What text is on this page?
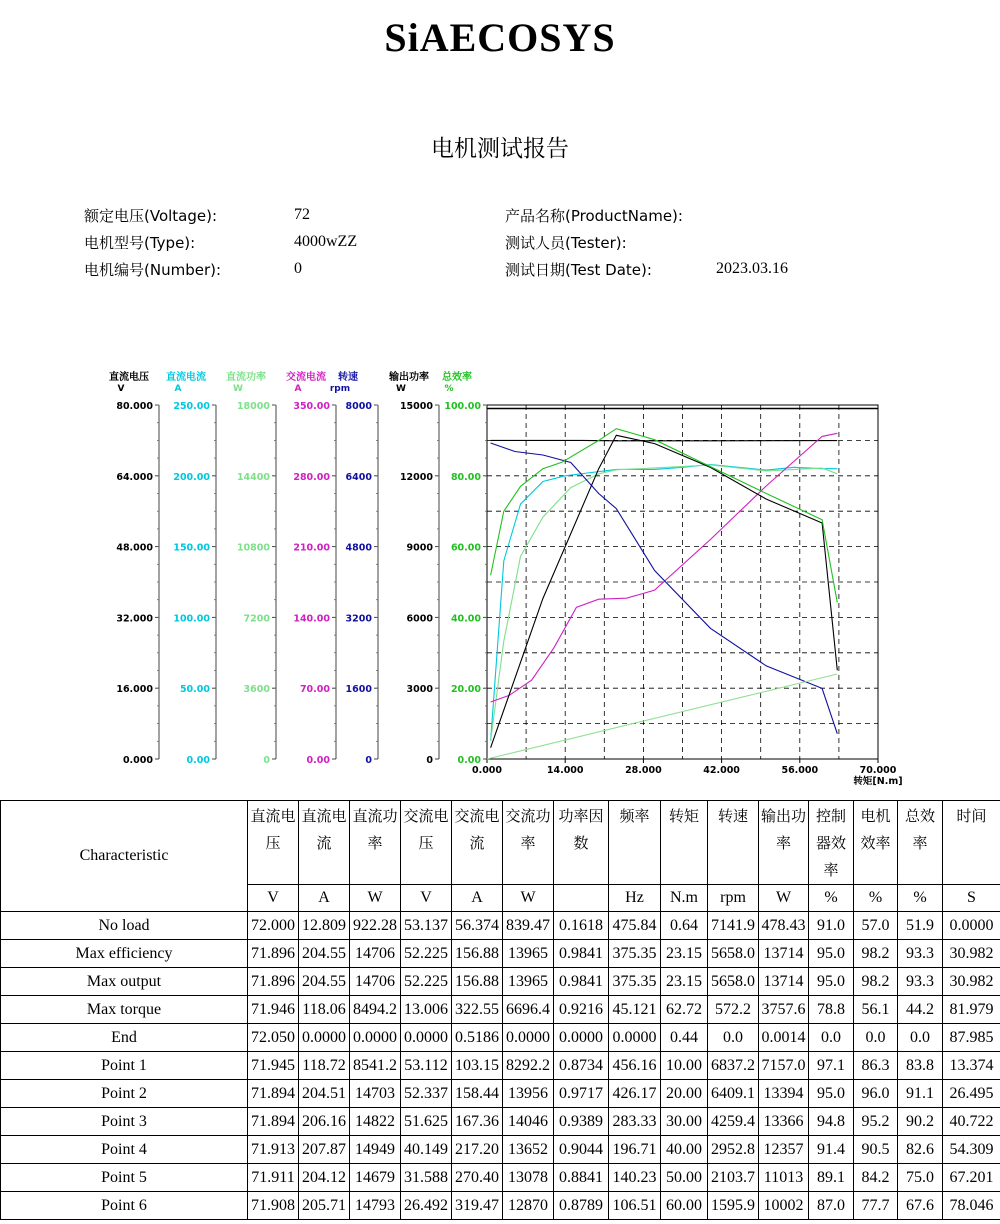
SiAECOSYS
电机测试报告
额定电压(Voltage):	72
电机型号(Type):	4000wZZ
电机编号(Number):	0
产品名称(ProductName):
测试人员(Tester):
测试日期(Test Date):	2023.03.16
80.000
64.000
48.000
32.000
16.000
0.000
直流电压
V
250.00
200.00
150.00
100.00
50.00
0.00
直流电流
A
18000
14400
10800
7200
3600
0
直流功率
W
350.00
280.00
210.00
140.00
70.00
0.00
交流电流
A
8000
6400
4800
3200
1600
0
转速
rpm
15000
12000
9000
6000
3000
0
输出功率
W
100.00
80.00
60.00
40.00
20.00
0.00
总效率
%
0.000	14.000	28.000	42.000	56.000	70.000
转矩[N.m]
Characteristic	直流电压	直流电流	直流功率	交流电压	交流电流	交流功率	功率因数	频率	转矩	转速	输出功率	控制器效率	电机效率	总效率	时间
	V	A	W	V	A	W		Hz	N.m	rpm	W	%	%	%	S
No load	72.000	12.809	922.28	53.137	56.374	839.47	0.1618	475.84	0.64	7141.9	478.43	91.0	57.0	51.9	0.0000
Max efficiency	71.896	204.55	14706	52.225	156.88	13965	0.9841	375.35	23.15	5658.0	13714	95.0	98.2	93.3	30.982
Max output	71.896	204.55	14706	52.225	156.88	13965	0.9841	375.35	23.15	5658.0	13714	95.0	98.2	93.3	30.982
Max torque	71.946	118.06	8494.2	13.006	322.55	6696.4	0.9216	45.121	62.72	572.2	3757.6	78.8	56.1	44.2	81.979
End	72.050	0.0000	0.0000	0.0000	0.5186	0.0000	0.0000	0.0000	0.44	0.0	0.0014	0.0	0.0	0.0	87.985
Point 1	71.945	118.72	8541.2	53.112	103.15	8292.2	0.8734	456.16	10.00	6837.2	7157.0	97.1	86.3	83.8	13.374
Point 2	71.894	204.51	14703	52.337	158.44	13956	0.9717	426.17	20.00	6409.1	13394	95.0	96.0	91.1	26.495
Point 3	71.894	206.16	14822	51.625	167.36	14046	0.9389	283.33	30.00	4259.4	13366	94.8	95.2	90.2	40.722
Point 4	71.913	207.87	14949	40.149	217.20	13652	0.9044	196.71	40.00	2952.8	12357	91.4	90.5	82.6	54.309
Point 5	71.911	204.12	14679	31.588	270.40	13078	0.8841	140.23	50.00	2103.7	11013	89.1	84.2	75.0	67.201
Point 6	71.908	205.71	14793	26.492	319.47	12870	0.8789	106.51	60.00	1595.9	10002	87.0	77.7	67.6	78.046
